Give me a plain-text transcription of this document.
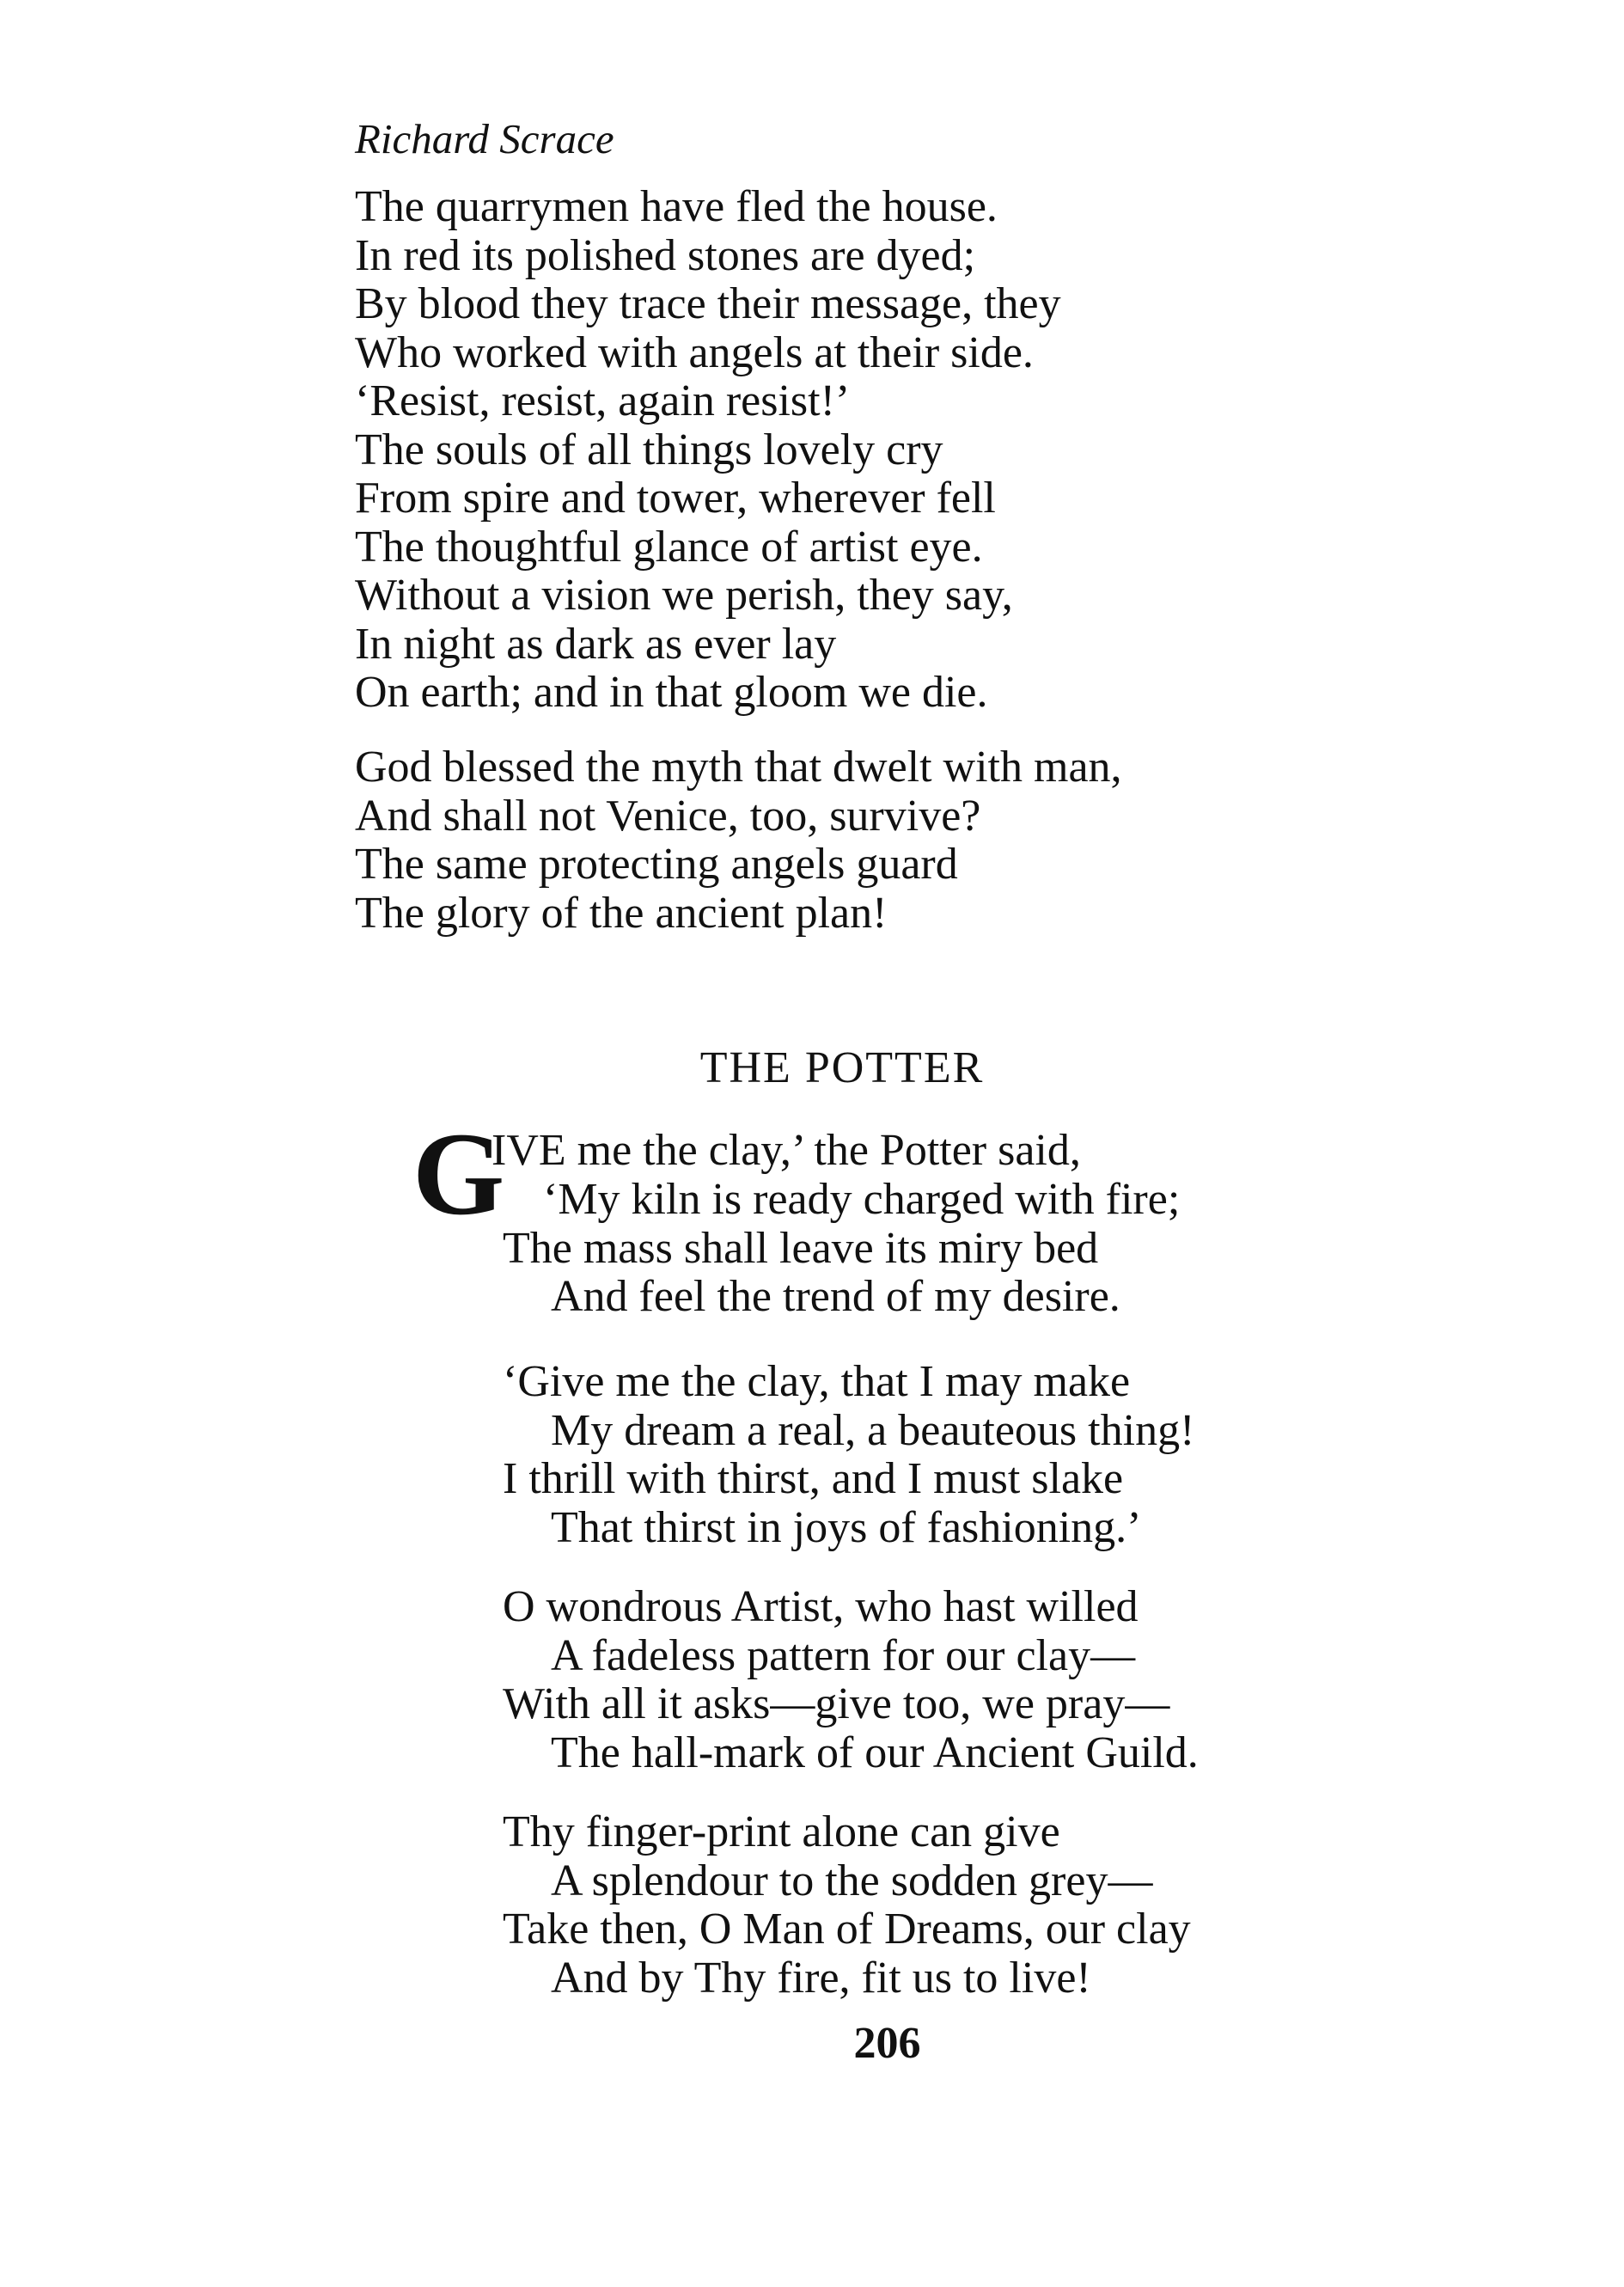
Richard Scrace
The quarrymen have fled the house.
In red its polished stones are dyed;
By blood they trace their message, they
Who worked with angels at their side.
‘Resist, resist, again resist!’
The souls of all things lovely cry
From spire and tower, wherever fell
The thoughtful glance of artist eye.
Without a vision we perish, they say,
In night as dark as ever lay
On earth; and in that gloom we die.
God blessed the myth that dwelt with man,
And shall not Venice, too, survive?
The same protecting angels guard
The glory of the ancient plan!
THE POTTER
G
IVE me the clay,’ the Potter said,
‘My kiln is ready charged with fire;
The mass shall leave its miry bed
And feel the trend of my desire.
‘Give me the clay, that I may make
My dream a real, a beauteous thing!
I thrill with thirst, and I must slake
That thirst in joys of fashioning.’
O wondrous Artist, who hast willed
A fadeless pattern for our clay—
With all it asks—give too, we pray—
The hall-mark of our Ancient Guild.
Thy finger-print alone can give
A splendour to the sodden grey—
Take then, O Man of Dreams, our clay
And by Thy fire, fit us to live!
206
